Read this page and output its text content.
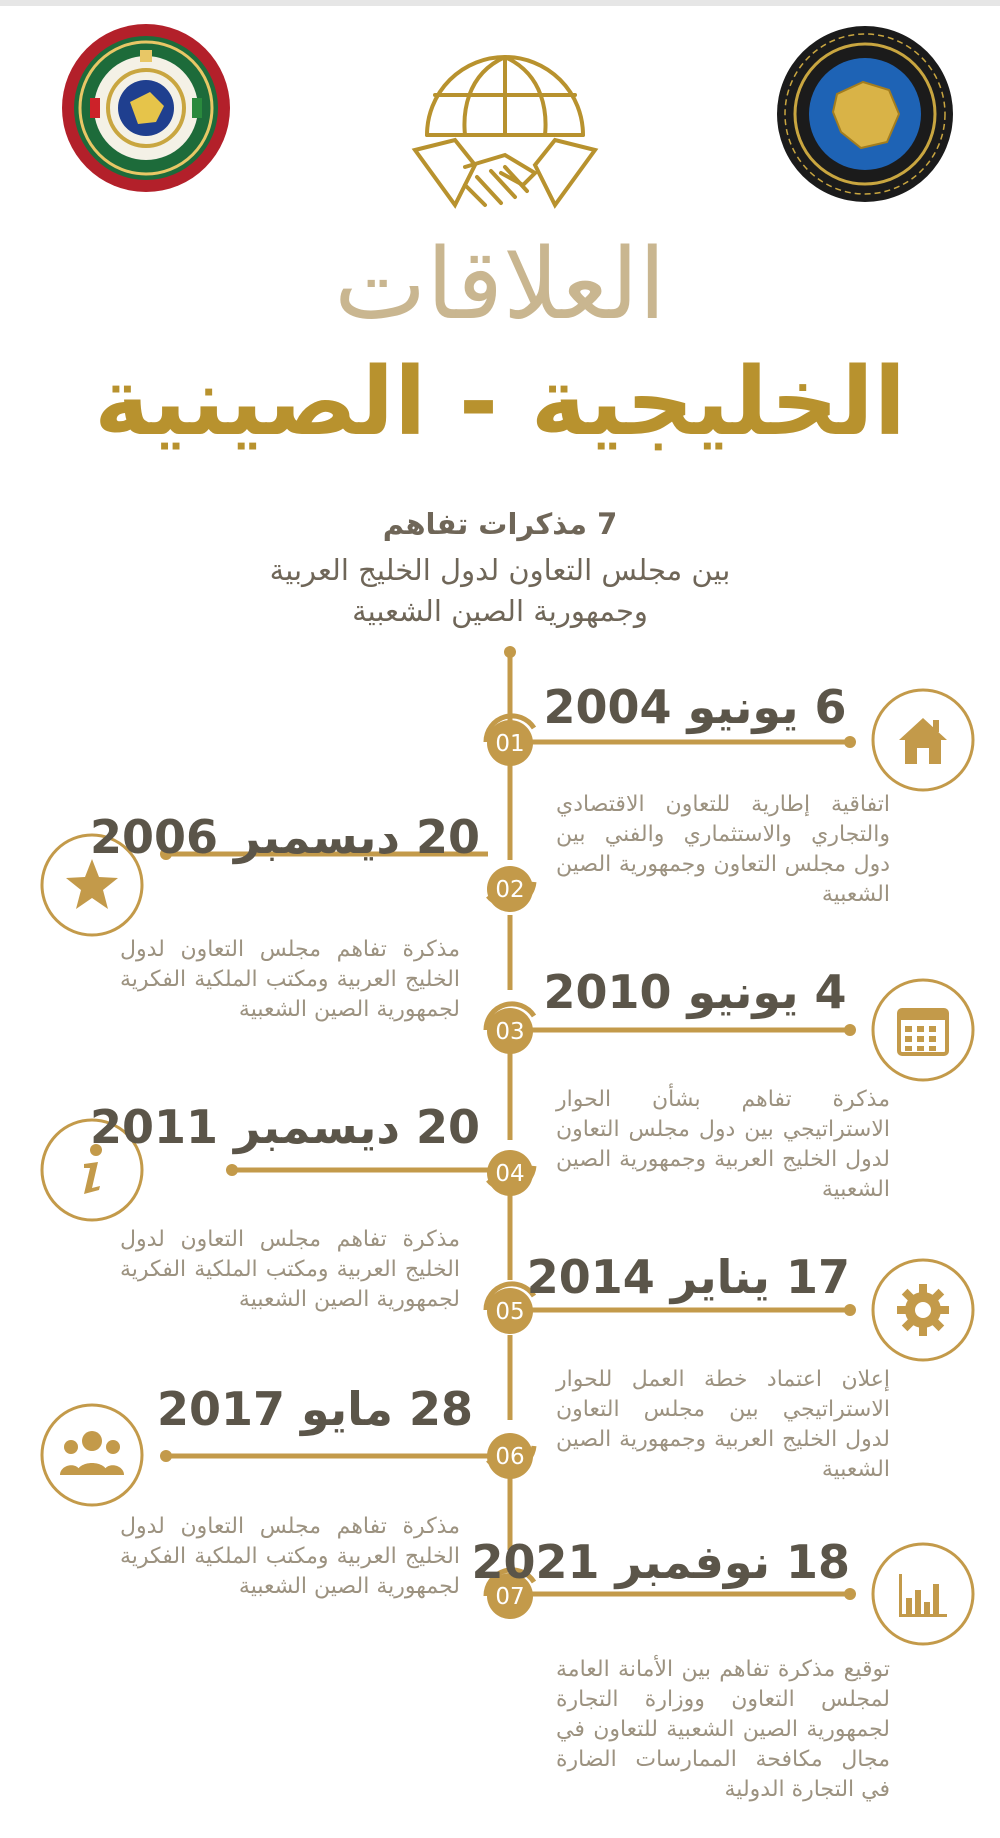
العلاقات
الخليجية - الصينية
7 مذكرات تفاهم
بين مجلس التعاون لدول الخليج العربية
وجمهورية الصين الشعبية
01
02
03
04
05
06
07
6 يونيو 2004
20 ديسمبر 2006
4 يونيو 2010
20 ديسمبر 2011
17 يناير 2014
28 مايو 2017
18 نوفمبر 2021
اتفاقية إطارية للتعاون الاقتصادي والتجاري والاستثماري والفني بين دول مجلس التعاون وجمهورية الصين الشعبية
مذكرة تفاهم مجلس التعاون لدول الخليج العربية ومكتب الملكية الفكرية لجمهورية الصين الشعبية
مذكرة تفاهم بشأن الحوار الاستراتيجي بين دول مجلس التعاون لدول الخليج العربية وجمهورية الصين الشعبية
مذكرة تفاهم مجلس التعاون لدول الخليج العربية ومكتب الملكية الفكرية لجمهورية الصين الشعبية
إعلان اعتماد خطة العمل للحوار الاستراتيجي بين مجلس التعاون لدول الخليج العربية وجمهورية الصين الشعبية
مذكرة تفاهم مجلس التعاون لدول الخليج العربية ومكتب الملكية الفكرية لجمهورية الصين الشعبية
توقيع مذكرة تفاهم بين الأمانة العامة لمجلس التعاون ووزارة التجارة لجمهورية الصين الشعبية للتعاون في مجال مكافحة الممارسات الضارة في التجارة الدولية
